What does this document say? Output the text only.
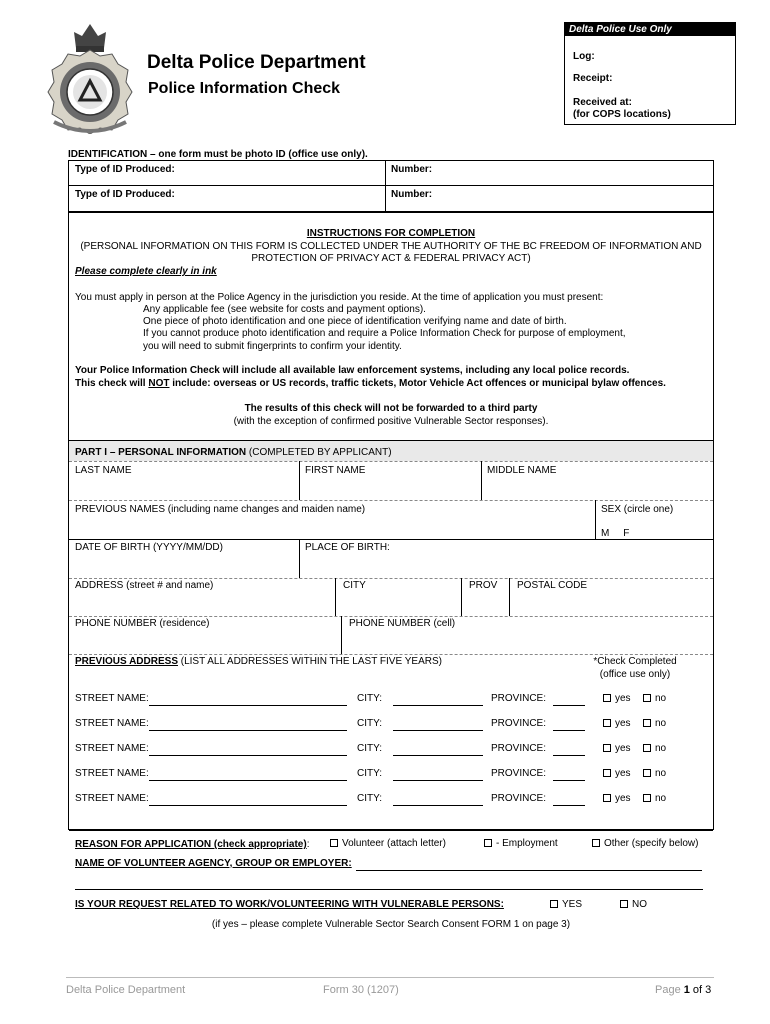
Delta Police Department
Police Information Check
Delta Police Use Only
Log:
Receipt:
Received at:
(for COPS locations)
IDENTIFICATION – one form must be photo ID (office use only).
Type of ID Produced:	Number:
Type of ID Produced:	Number:
INSTRUCTIONS FOR COMPLETION
(PERSONAL INFORMATION ON THIS FORM IS COLLECTED UNDER THE AUTHORITY OF THE BC FREEDOM OF INFORMATION AND
PROTECTION OF PRIVACY ACT & FEDERAL PRIVACY ACT)
Please complete clearly in ink
You must apply in person at the Police Agency in the jurisdiction you reside. At the time of application you must present:
Any applicable fee (see website for costs and payment options).
One piece of photo identification and one piece of identification verifying name and date of birth.
If you cannot produce photo identification and require a Police Information Check for purpose of employment,
you will need to submit fingerprints to confirm your identity.
Your Police Information Check will include all available law enforcement systems, including any local police records.
This check will NOT include: overseas or US records, traffic tickets, Motor Vehicle Act offences or municipal bylaw offences.
The results of this check will not be forwarded to a third party
(with the exception of confirmed positive Vulnerable Sector responses).
PART I – PERSONAL INFORMATION (COMPLETED BY APPLICANT)
LAST NAME	FIRST NAME	MIDDLE NAME
PREVIOUS NAMES (including name changes and maiden name)	SEX (circle one)
M     F
DATE OF BIRTH (YYYY/MM/DD)	PLACE OF BIRTH:
ADDRESS (street # and name)	CITY	PROV POSTAL CODE
PHONE NUMBER (residence)	PHONE NUMBER (cell)
PREVIOUS ADDRESS (LIST ALL ADDRESSES WITHIN THE LAST FIVE YEARS)	*Check Completed
(office use only)
STREET NAME:	CITY:	PROVINCE:	yes	no
STREET NAME:	CITY:	PROVINCE:	yes	no
STREET NAME:	CITY:	PROVINCE:	yes	no
STREET NAME:	CITY:	PROVINCE:	yes	no
STREET NAME:	CITY:	PROVINCE:	yes	no
REASON FOR APPLICATION (check appropriate):	Volunteer (attach letter)	- Employment	Other (specify below)
NAME OF VOLUNTEER AGENCY, GROUP OR EMPLOYER:
IS YOUR REQUEST RELATED TO WORK/VOLUNTEERING WITH VULNERABLE PERSONS:	YES	NO
(if yes – please complete Vulnerable Sector Search Consent FORM 1 on page 3)
Delta Police Department	Form 30 (1207)	Page 1 of 3
